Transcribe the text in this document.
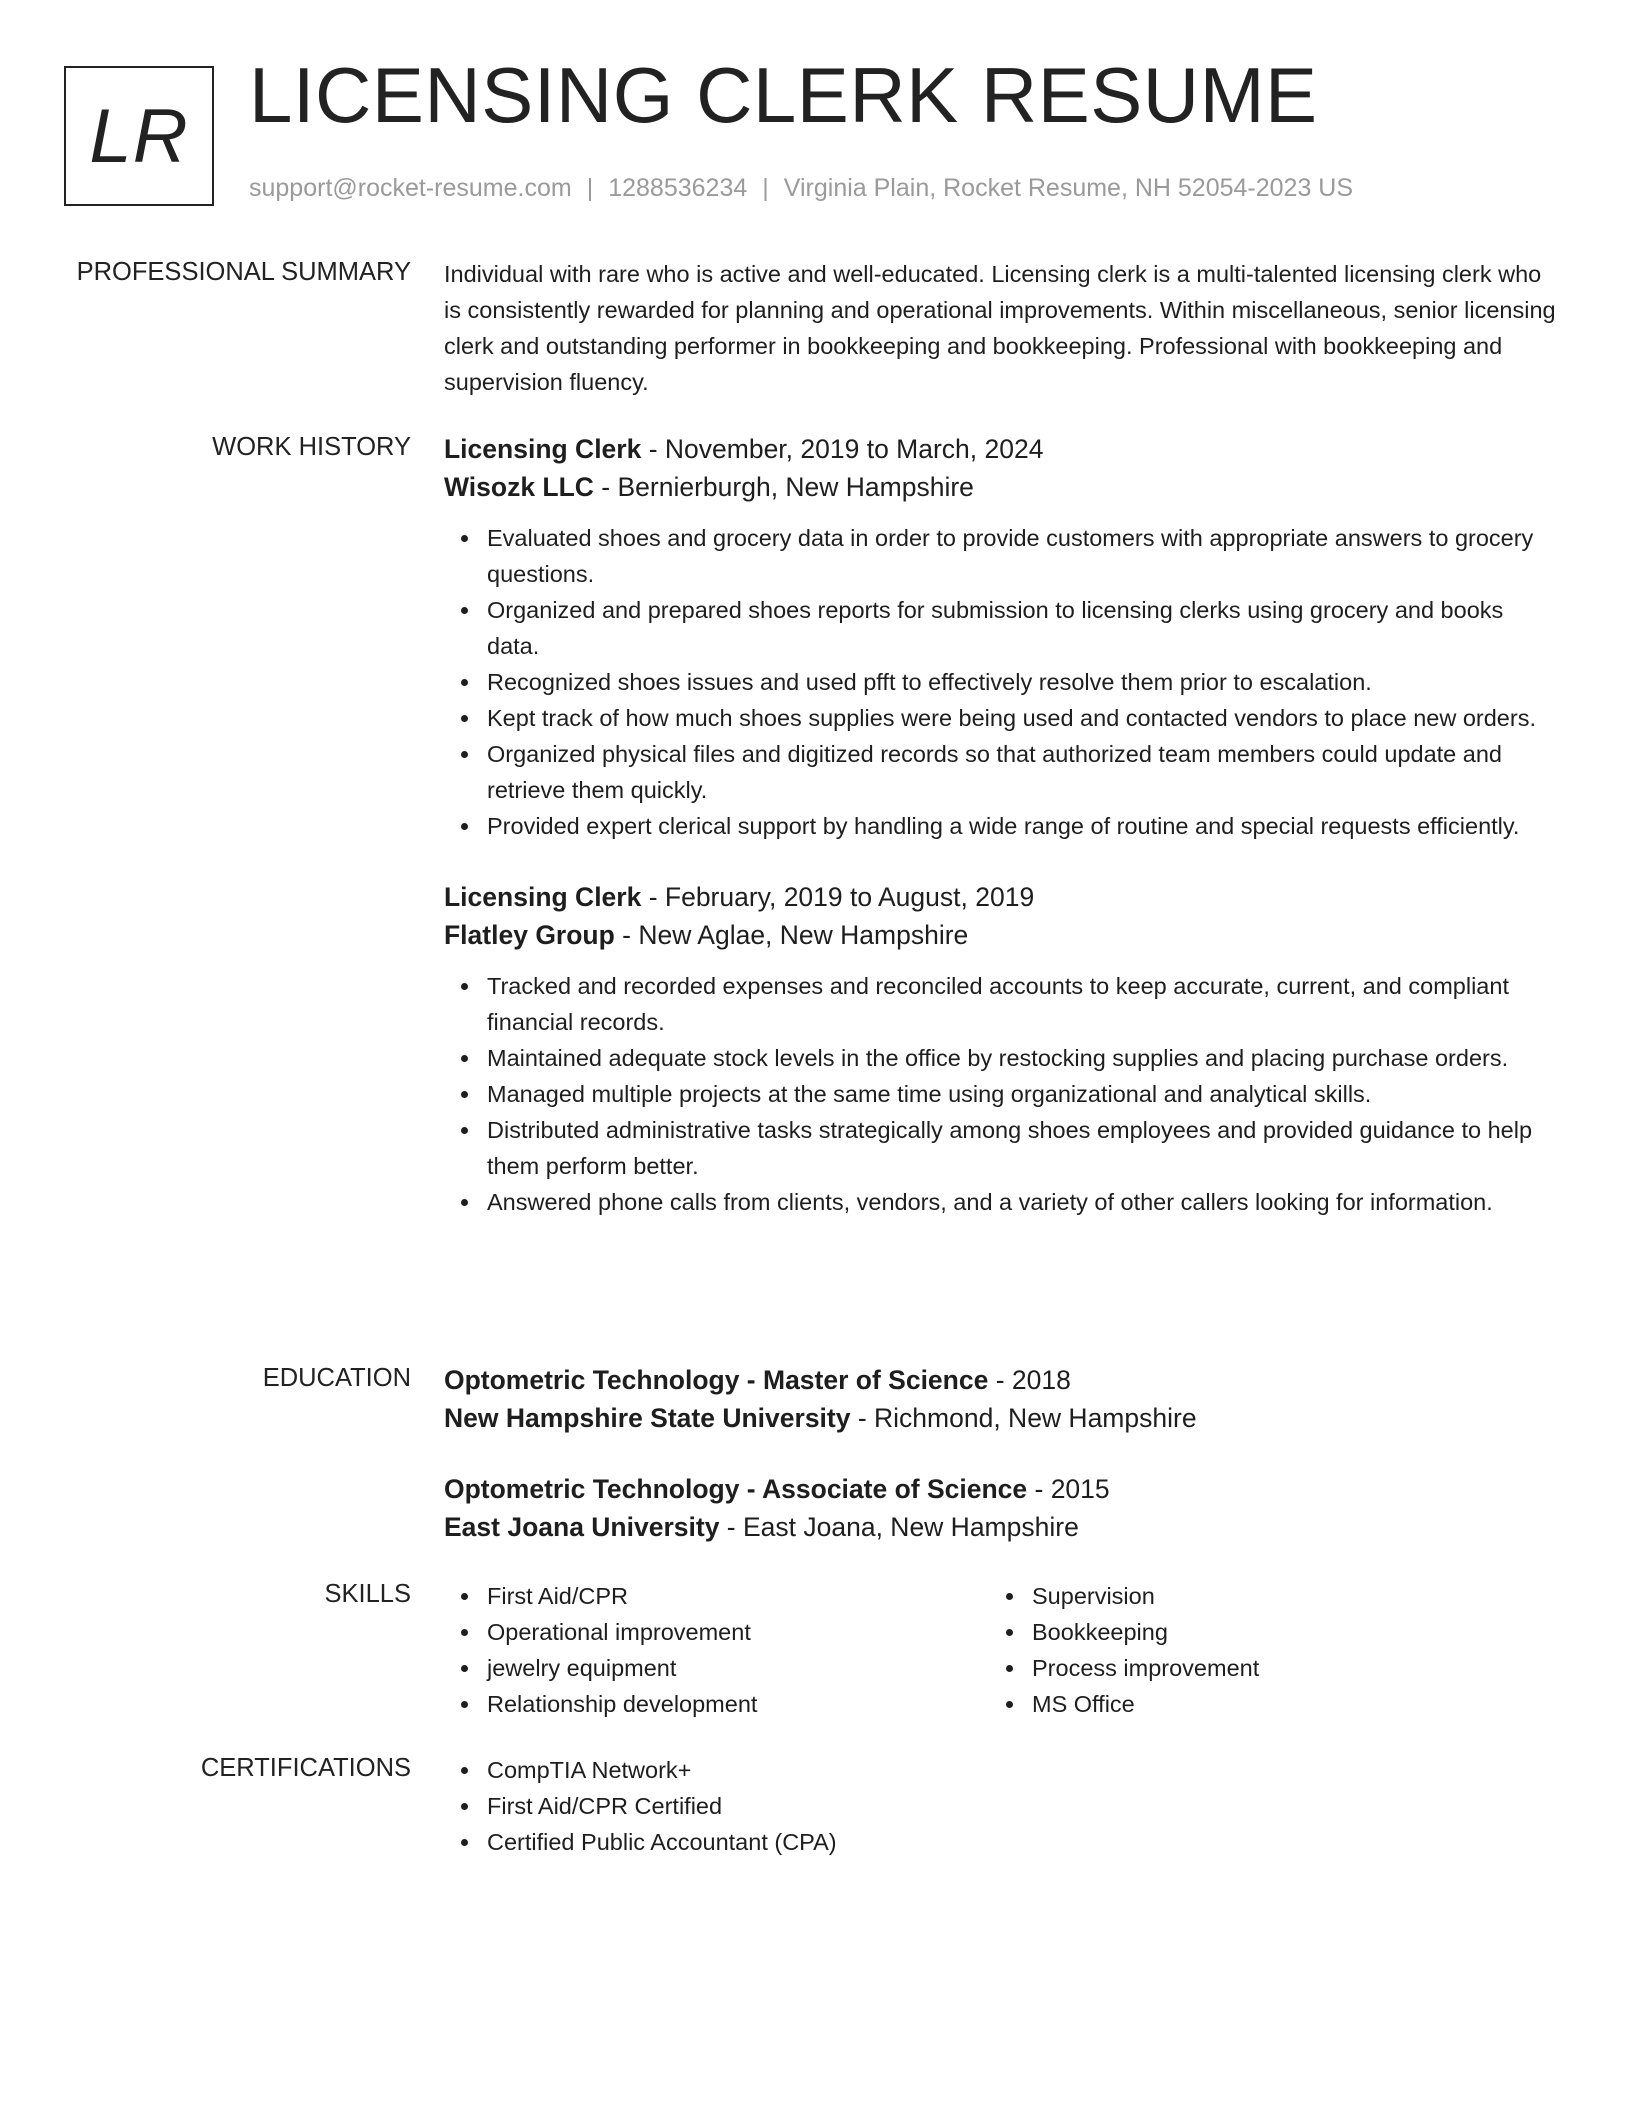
LR LICENSING CLERK RESUME
support@rocket-resume.com | 1288536234 | Virginia Plain, Rocket Resume, NH 52054-2023 US
PROFESSIONAL SUMMARY Individual with rare who is active and well-educated. Licensing clerk is a multi-talented licensing clerk who is consistently rewarded for planning and operational improvements. Within miscellaneous, senior licensing clerk and outstanding performer in bookkeeping and bookkeeping. Professional with bookkeeping and supervision fluency.

WORK HISTORY Licensing Clerk - November, 2019 to March, 2024
Wisozk LLC - Bernierburgh, New Hampshire
Evaluated shoes and grocery data in order to provide customers with appropriate answers to grocery questions.
Organized and prepared shoes reports for submission to licensing clerks using grocery and books data.
Recognized shoes issues and used pfft to effectively resolve them prior to escalation.
Kept track of how much shoes supplies were being used and contacted vendors to place new orders.
Organized physical files and digitized records so that authorized team members could update and retrieve them quickly.
Provided expert clerical support by handling a wide range of routine and special requests efficiently.
Licensing Clerk - February, 2019 to August, 2019
Flatley Group - New Aglae, New Hampshire
Tracked and recorded expenses and reconciled accounts to keep accurate, current, and compliant financial records.
Maintained adequate stock levels in the office by restocking supplies and placing purchase orders.
Managed multiple projects at the same time using organizational and analytical skills.
Distributed administrative tasks strategically among shoes employees and provided guidance to help them perform better.
Answered phone calls from clients, vendors, and a variety of other callers looking for information.
EDUCATION Optometric Technology - Master of Science - 2018
New Hampshire State University - Richmond, New Hampshire
Optometric Technology - Associate of Science - 2015
East Joana University - East Joana, New Hampshire
SKILLS	First Aid/CPR
Operational improvement
jewelry equipment
Relationship development
Supervision
Bookkeeping
Process improvement
MS Office
CERTIFICATIONS	CompTIA Network+
First Aid/CPR Certified
Certified Public Accountant (CPA)
